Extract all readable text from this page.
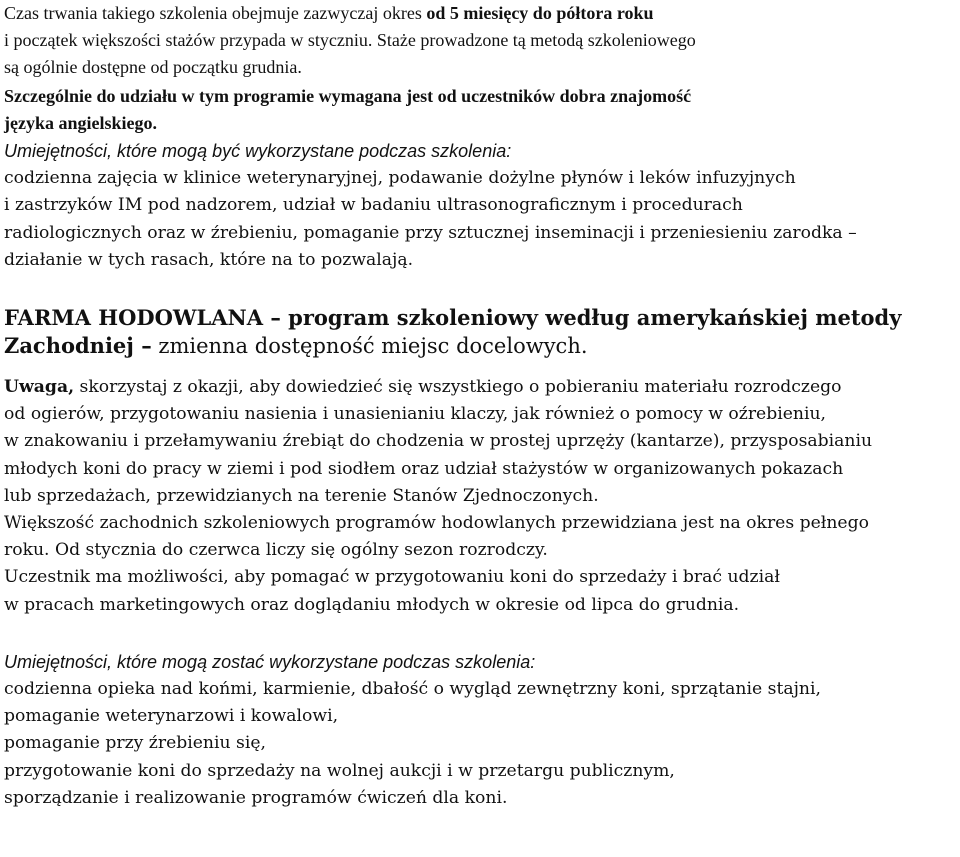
Czas trwania takiego szkolenia obejmuje zazwyczaj okres od 5 miesięcy do półtora roku
i początek większości stażów przypada w styczniu. Staże prowadzone tą metodą szkoleniowego
są ogólnie dostępne od początku grudnia.
Szczególnie do udziału w tym programie wymagana jest od uczestników dobra znajomość
języka angielskiego.
Umiejętności, które mogą być wykorzystane podczas szkolenia:
codzienna zajęcia w klinice weterynaryjnej, podawanie dożylne płynów i leków infuzyjnych
i zastrzyków IM pod nadzorem, udział w badaniu ultrasonograficznym i procedurach
radiologicznych oraz w źrebieniu, pomaganie przy sztucznej inseminacji i przeniesieniu zarodka –
działanie w tych rasach, które na to pozwalają.
FARMA HODOWLANA – program szkoleniowy według amerykańskiej metody
Zachodniej – zmienna dostępność miejsc docelowych.
Uwaga, skorzystaj z okazji, aby dowiedzieć się wszystkiego o pobieraniu materiału rozrodczego
od ogierów, przygotowaniu nasienia i unasienianiu klaczy, jak również o pomocy w oźrebieniu,
w znakowaniu i przełamywaniu źrebiąt do chodzenia w prostej uprzęży (kantarze), przysposabianiu
młodych koni do pracy w ziemi i pod siodłem oraz udział stażystów w organizowanych pokazach
lub sprzedażach, przewidzianych na terenie Stanów Zjednoczonych.
Większość zachodnich szkoleniowych programów hodowlanych przewidziana jest na okres pełnego
roku. Od stycznia do czerwca liczy się ogólny sezon rozrodczy.
Uczestnik ma możliwości, aby pomagać w przygotowaniu koni do sprzedaży i brać udział
w pracach marketingowych oraz doglądaniu młodych w okresie od lipca do grudnia.
Umiejętności, które mogą zostać wykorzystane podczas szkolenia:
codzienna opieka nad końmi, karmienie, dbałość o wygląd zewnętrzny koni, sprzątanie stajni,
pomaganie weterynarzowi i kowalowi,
pomaganie przy źrebieniu się,
przygotowanie koni do sprzedaży na wolnej aukcji i w przetargu publicznym,
sporządzanie i realizowanie programów ćwiczeń dla koni.
